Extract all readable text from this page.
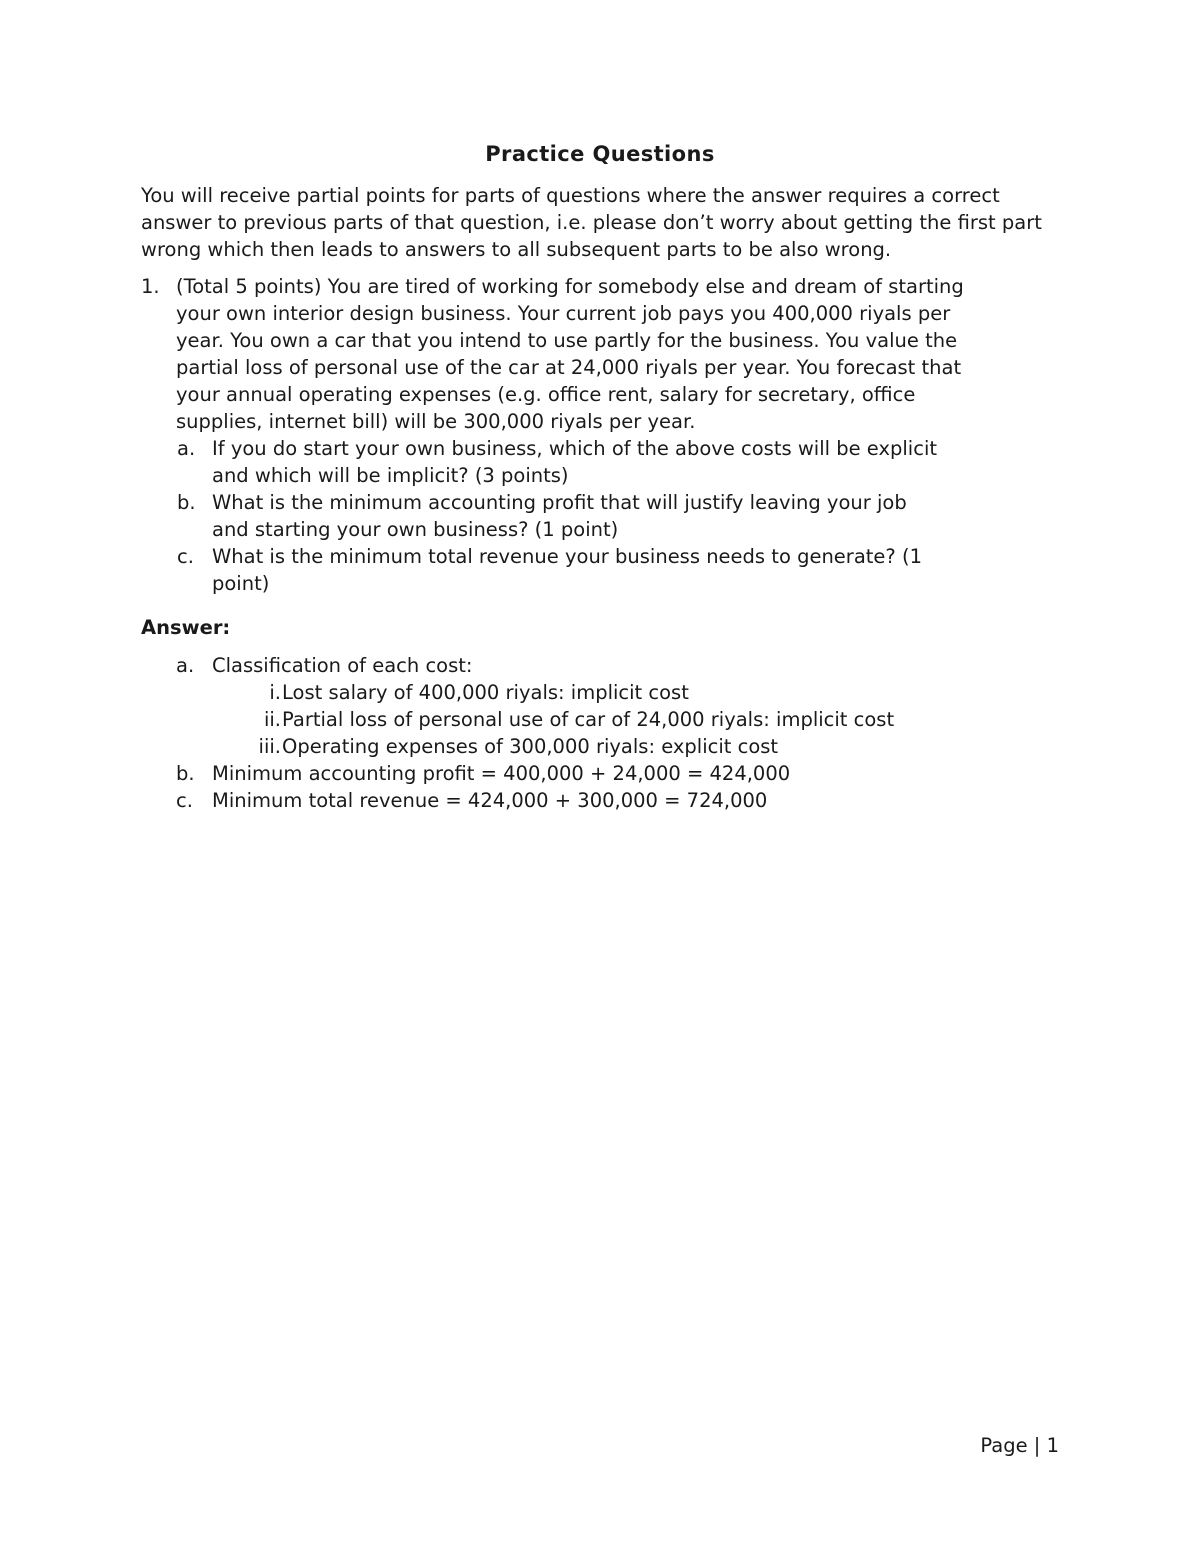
Practice Questions
You will receive partial points for parts of questions where the answer requires a correct answer to previous parts of that question, i.e. please don’t worry about getting the first part wrong which then leads to answers to all subsequent parts to be also wrong.
1. (Total 5 points) You are tired of working for somebody else and dream of starting
your own interior design business. Your current job pays you 400,000 riyals per
year. You own a car that you intend to use partly for the business. You value the
partial loss of personal use of the car at 24,000 riyals per year. You forecast that
your annual operating expenses (e.g. office rent, salary for secretary, office
supplies, internet bill) will be 300,000 riyals per year.
a. If you do start your own business, which of the above costs will be explicit
and which will be implicit? (3 points)
b. What is the minimum accounting profit that will justify leaving your job
and starting your own business? (1 point)
c. What is the minimum total revenue your business needs to generate? (1
point)
Answer:
a. Classification of each cost:
i. Lost salary of 400,000 riyals: implicit cost
ii. Partial loss of personal use of car of 24,000 riyals: implicit cost
iii. Operating expenses of 300,000 riyals: explicit cost
b. Minimum accounting profit = 400,000 + 24,000 = 424,000
c. Minimum total revenue = 424,000 + 300,000 = 724,000
Page | 1
